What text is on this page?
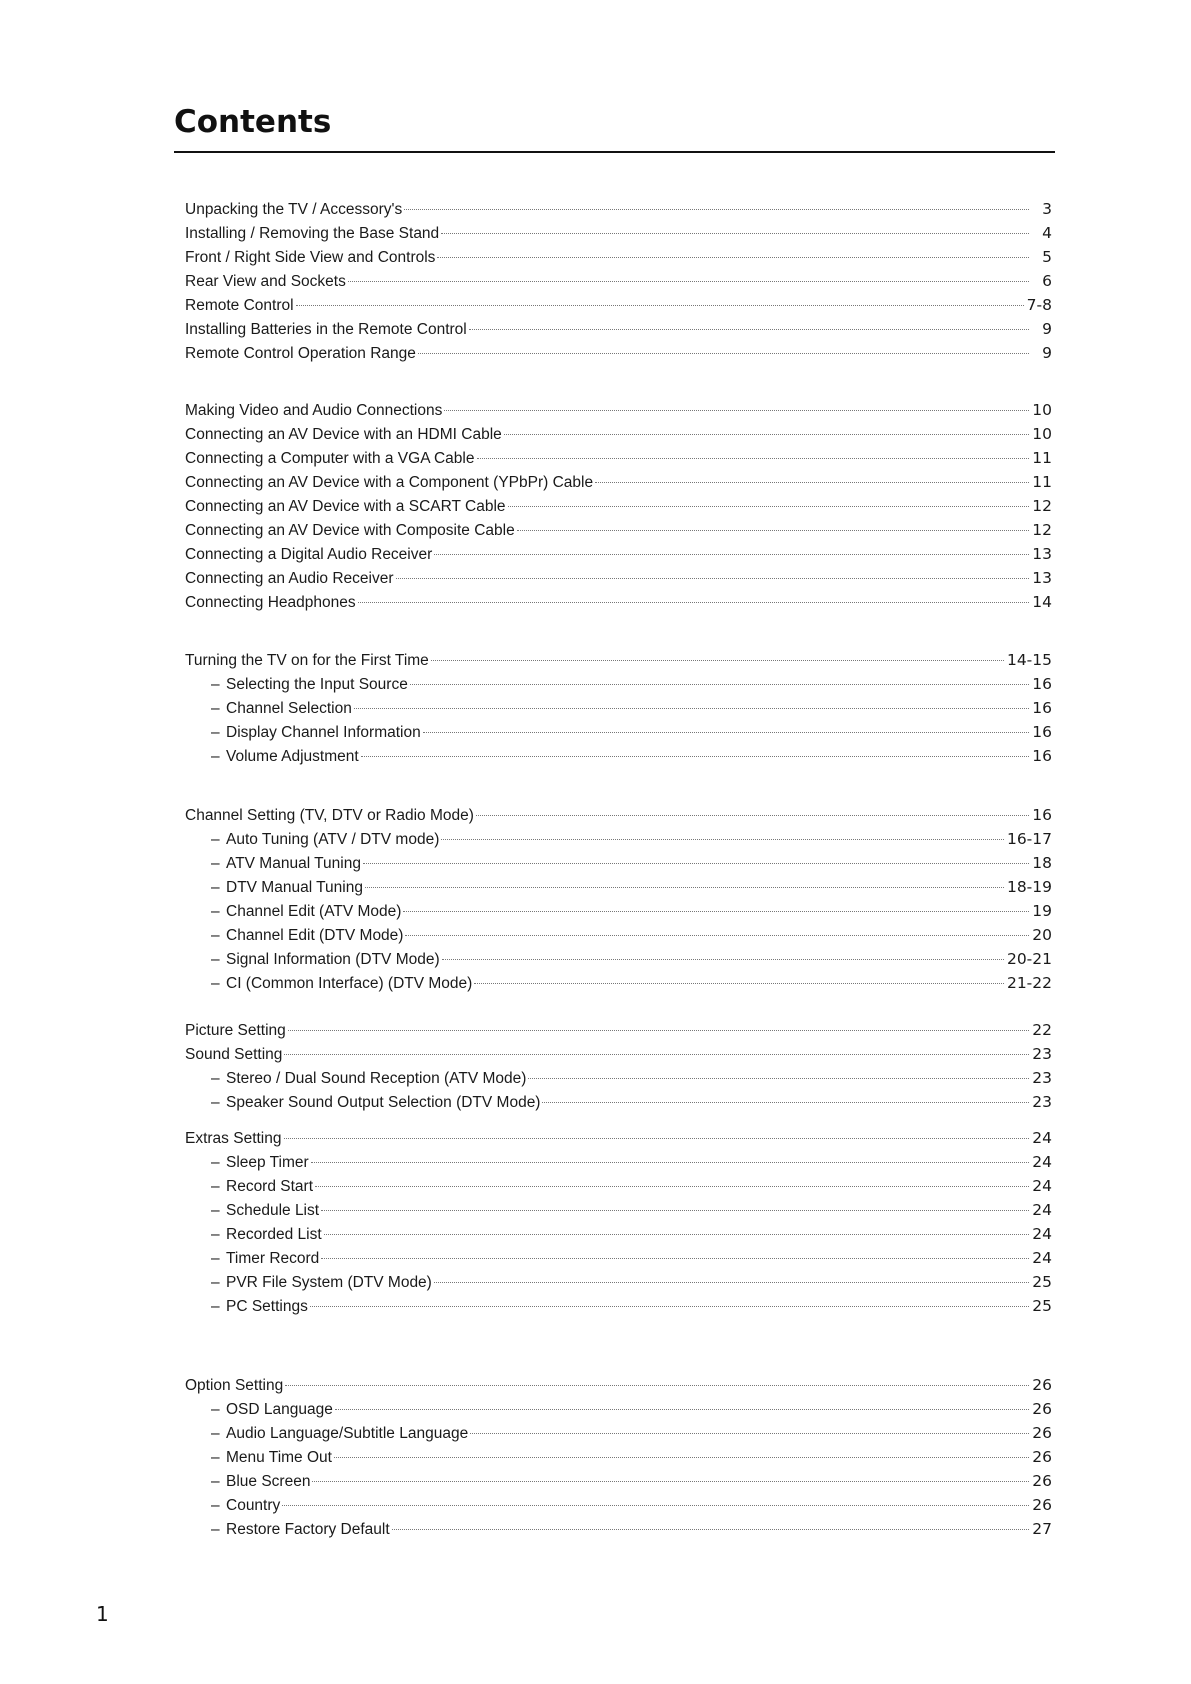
Contents
Unpacking the TV / Accessory's	3
Installing / Removing the Base Stand	4
Front / Right Side View and Controls	5
Rear View and Sockets	6
Remote Control	7-8
Installing Batteries in the Remote Control	9
Remote Control Operation Range	9
Making Video and Audio Connections	10
Connecting an AV Device with an HDMI Cable	10
Connecting a Computer with a VGA Cable	11
Connecting an AV Device with a Component (YPbPr) Cable	11
Connecting an AV Device with a SCART Cable	12
Connecting an AV Device with Composite Cable	12
Connecting a Digital Audio Receiver	13
Connecting an Audio Receiver	13
Connecting Headphones	14
Turning the TV on for the First Time	14-15
– Selecting the Input Source	16
– Channel Selection	16
– Display Channel Information	16
– Volume Adjustment	16
Channel Setting (TV, DTV or Radio Mode)	16
– Auto Tuning (ATV / DTV mode)	16-17
– ATV Manual Tuning	18
– DTV Manual Tuning	18-19
– Channel Edit (ATV Mode)	19
– Channel Edit (DTV Mode)	20
– Signal Information (DTV Mode)	20-21
– CI (Common Interface) (DTV Mode)	21-22
Picture Setting	22
Sound Setting	23
– Stereo / Dual Sound Reception (ATV Mode)	23
– Speaker Sound Output Selection (DTV Mode)	23
Extras Setting	24
– Sleep Timer	24
– Record Start	24
– Schedule List	24
– Recorded List	24
– Timer Record	24
– PVR File System (DTV Mode)	25
– PC Settings	25
Option Setting	26
– OSD Language	26
– Audio Language/Subtitle Language	26
– Menu Time Out	26
– Blue Screen	26
– Country	26
– Restore Factory Default	27
1
